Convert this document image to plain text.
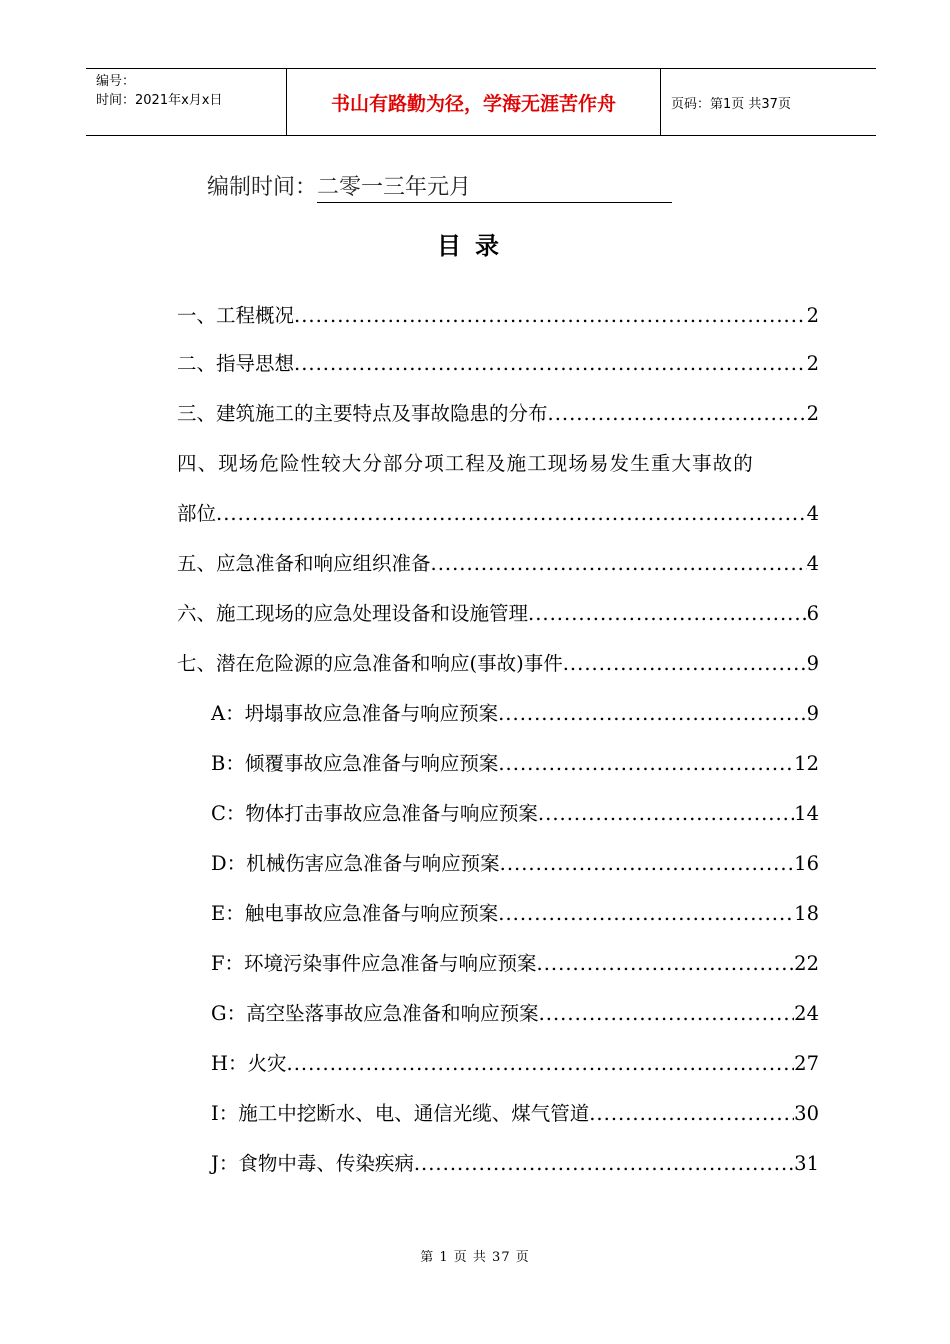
编号：
时间：2021年x月x日	书山有路勤为径，学海无涯苦作舟	页码：第1页 共37页
编制时间： 二零一三年元月
目录
一、工程概况 .....	2
二、指导思想 .....	2
三、建筑施工的主要特点及事故隐患的分布 .....	2
四、现场危险性较大分部分项工程及施工现场易发生重大事故的
部位 .....	4
五、应急准备和响应组织准备 .....	4
六、施工现场的应急处理设备和设施管理 .....	6
七、潜在危险源的应急准备和响应(事故)事件 .....	9
A：坍塌事故应急准备与响应预案 .....	9
B：倾覆事故应急准备与响应预案 .....	12
C：物体打击事故应急准备与响应预案 .....	14
D：机械伤害应急准备与响应预案 .....	16
E：触电事故应急准备与响应预案 .....	18
F：环境污染事件应急准备与响应预案 .....	22
G：高空坠落事故应急准备和响应预案 .....	24
H：火灾 .....	27
I：施工中挖断水、电、通信光缆、煤气管道 .....	30
J：食物中毒、传染疾病 .....	31
第 1 页 共 37 页
